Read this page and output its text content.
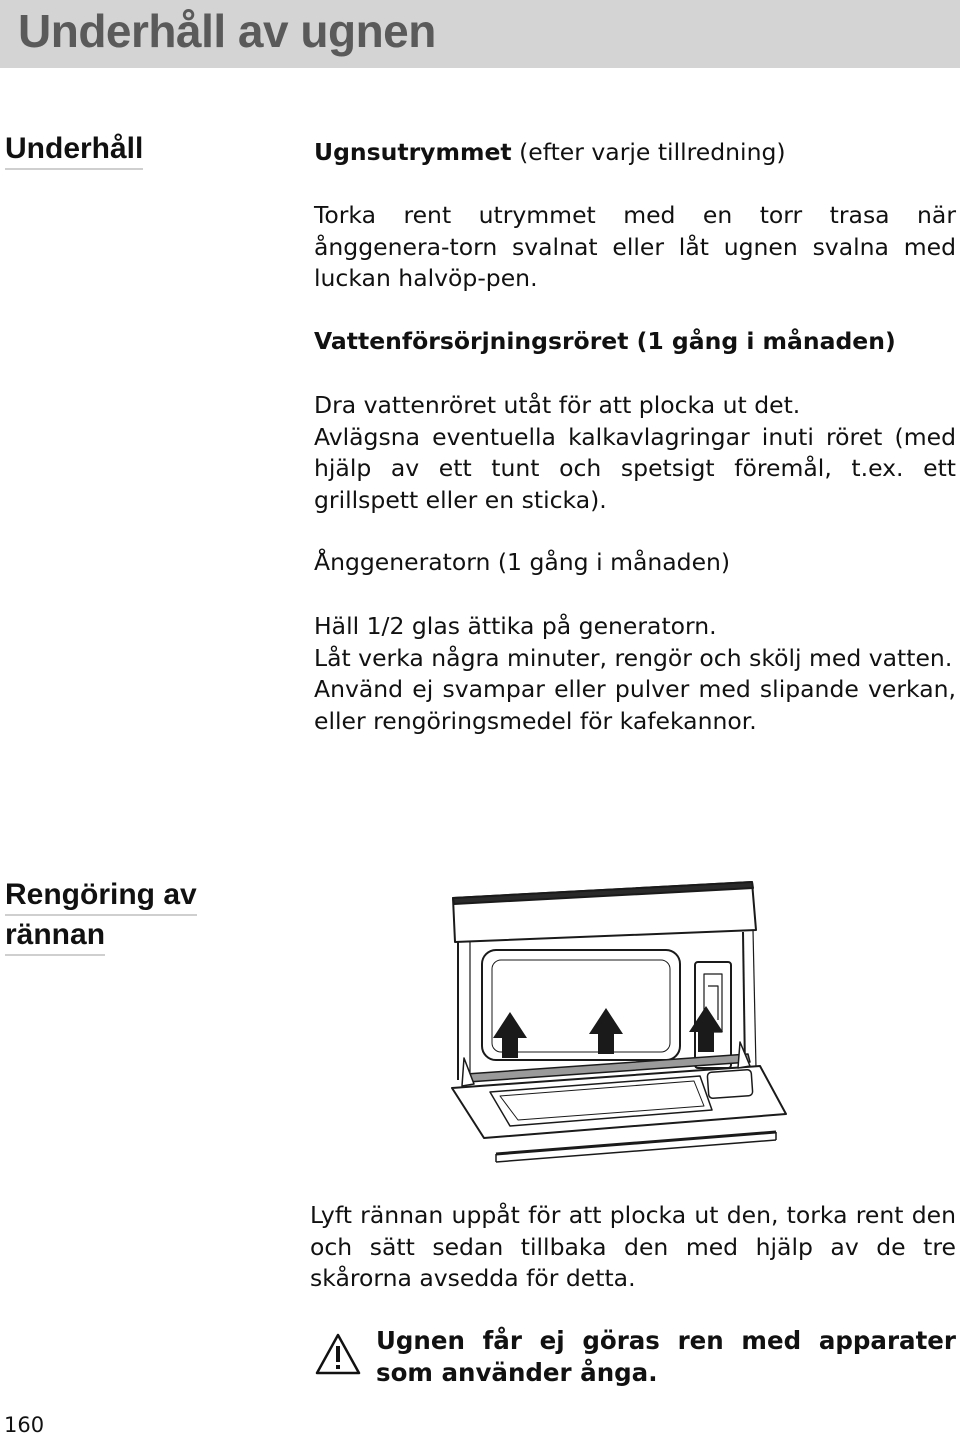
Underhåll av ugnen
Underhåll	Ugnsutrymmet (efter varje tillredning)

Torka rent utrymmet med en torr trasa när ånggenera-torn svalnat eller låt ugnen svalna med luckan halvöp-pen.

Vattenförsörjningsröret (1 gång i månaden)

Dra vattenröret utåt för att plocka ut det.

Avlägsna eventuella kalkavlagringar inuti röret (med hjälp av ett tunt och spetsigt föremål, t.ex. ett grillspett eller en sticka).

Ånggeneratorn (1 gång i månaden)

Häll 1/2 glas ättika på generatorn.

Låt verka några minuter, rengör och skölj med vatten.

Använd ej svampar eller pulver med slipande verkan, eller rengöringsmedel för kafekannor.

Rengöring av
rännan

Lyft rännan uppåt för att plocka ut den, torka rent den och sätt sedan tillbaka den med hjälp av de tre skårorna avsedda för detta.

Ugnen får ej göras ren med apparater som använder ånga.
160
